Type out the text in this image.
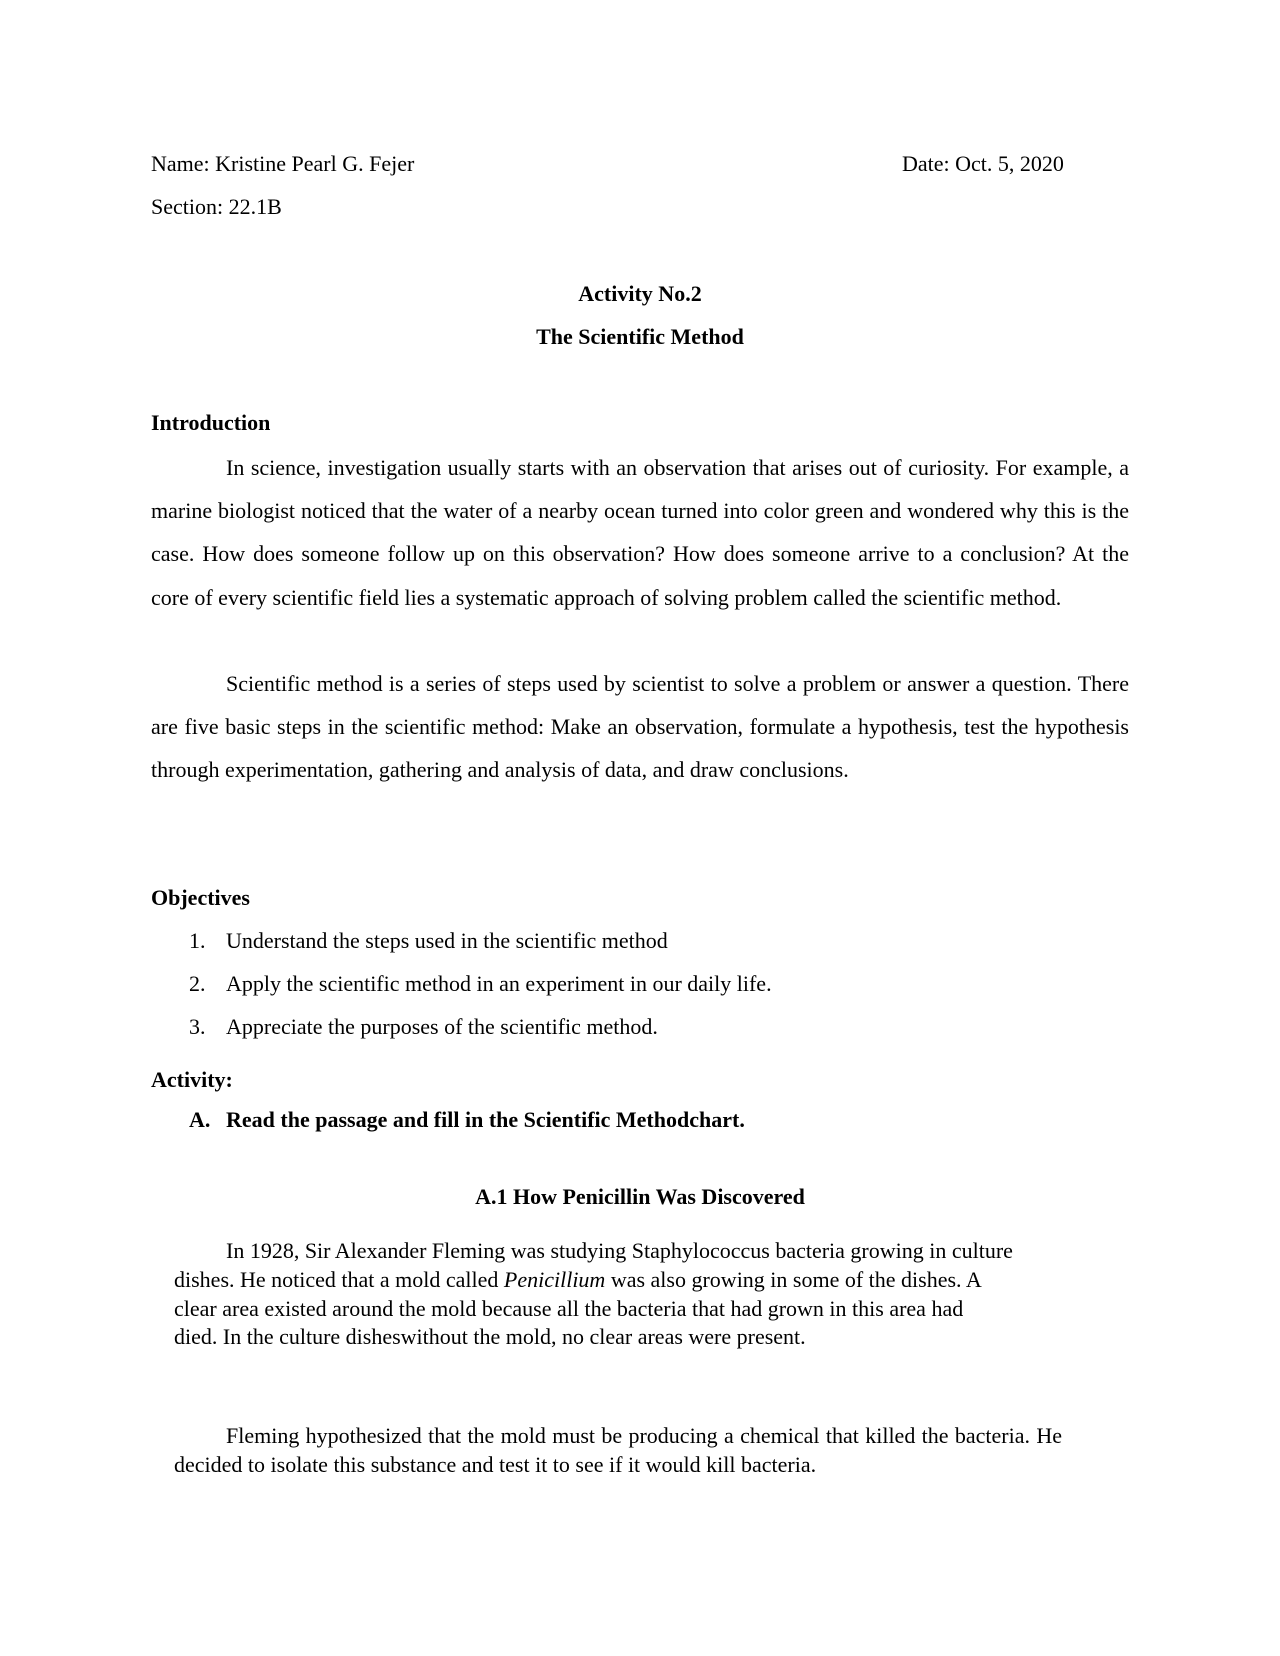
Name: Kristine Pearl G. Fejer	Date: Oct. 5, 2020
Section: 22.1B
Activity No.2
The Scientific Method
Introduction

In science, investigation usually starts with an observation that arises out of curiosity. For example, a marine biologist noticed that the water of a nearby ocean turned into color green and wondered why this is the case. How does someone follow up on this observation? How does someone arrive to a conclusion? At the core of every scientific field lies a systematic approach of solving problem called the scientific method.

Scientific method is a series of steps used by scientist to solve a problem or answer a question. There are five basic steps in the scientific method: Make an observation, formulate a hypothesis, test the hypothesis through experimentation, gathering and analysis of data, and draw conclusions.

Objectives
1. Understand the steps used in the scientific method
2. Apply the scientific method in an experiment in our daily life.
3. Appreciate the purposes of the scientific method.
Activity:
A. Read the passage and fill in the Scientific Methodchart.
A.1 How Penicillin Was Discovered

In 1928, Sir Alexander Fleming was studying Staphylococcus bacteria growing in culture
dishes. He noticed that a mold called Penicillium was also growing in some of the dishes. A
clear area existed around the mold because all the bacteria that had grown in this area had
died. In the culture disheswithout the mold, no clear areas were present.

Fleming hypothesized that the mold must be producing a chemical that killed the bacteria. He decided to isolate this substance and test it to see if it would kill bacteria.
